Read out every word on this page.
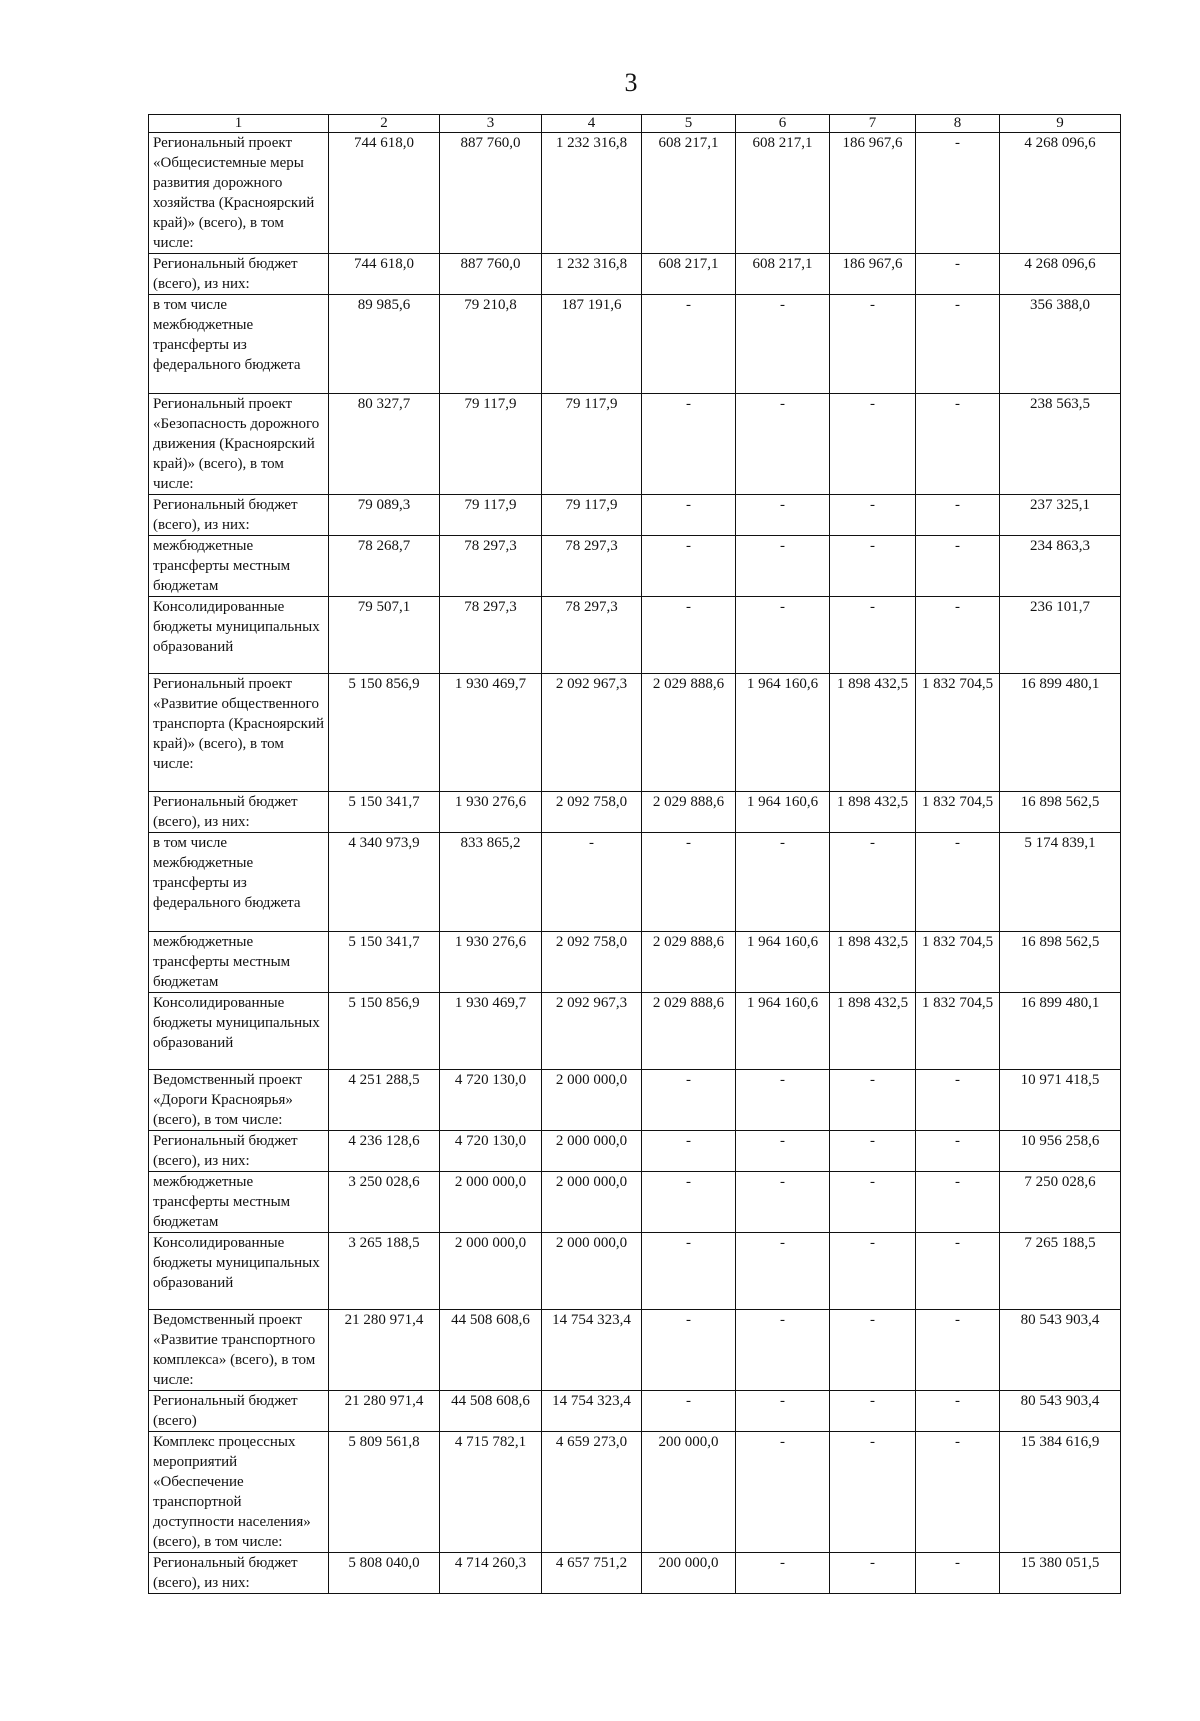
3
1	2	3	4	5	6	7	8	9
Региональный проект «Общесистемные меры развития дорожного хозяйства (Красноярский край)» (всего), в том числе:	744 618,0	887 760,0	1 232 316,8	608 217,1	608 217,1	186 967,6	-	4 268 096,6
Региональный бюджет (всего), из них:	744 618,0	887 760,0	1 232 316,8	608 217,1	608 217,1	186 967,6	-	4 268 096,6
в том числе межбюджетные трансферты из федерального бюджета	89 985,6	79 210,8	187 191,6	-	-	-	-	356 388,0
Региональный проект «Безопасность дорожного движения (Красноярский край)» (всего), в том числе:	80 327,7	79 117,9	79 117,9	-	-	-	-	238 563,5
Региональный бюджет (всего), из них:	79 089,3	79 117,9	79 117,9	-	-	-	-	237 325,1
межбюджетные трансферты местным бюджетам	78 268,7	78 297,3	78 297,3	-	-	-	-	234 863,3
Консолидированные бюджеты муниципальных образований	79 507,1	78 297,3	78 297,3	-	-	-	-	236 101,7
Региональный проект «Развитие общественного транспорта (Красноярский край)» (всего), в том числе:	5 150 856,9	1 930 469,7	2 092 967,3	2 029 888,6	1 964 160,6	1 898 432,5	1 832 704,5	16 899 480,1
Региональный бюджет (всего), из них:	5 150 341,7	1 930 276,6	2 092 758,0	2 029 888,6	1 964 160,6	1 898 432,5	1 832 704,5	16 898 562,5
в том числе межбюджетные трансферты из федерального бюджета	4 340 973,9	833 865,2	-	-	-	-	-	5 174 839,1
межбюджетные трансферты местным бюджетам	5 150 341,7	1 930 276,6	2 092 758,0	2 029 888,6	1 964 160,6	1 898 432,5	1 832 704,5	16 898 562,5
Консолидированные бюджеты муниципальных образований	5 150 856,9	1 930 469,7	2 092 967,3	2 029 888,6	1 964 160,6	1 898 432,5	1 832 704,5	16 899 480,1
Ведомственный проект «Дороги Красноярья» (всего), в том числе:	4 251 288,5	4 720 130,0	2 000 000,0	-	-	-	-	10 971 418,5
Региональный бюджет (всего), из них:	4 236 128,6	4 720 130,0	2 000 000,0	-	-	-	-	10 956 258,6
межбюджетные трансферты местным бюджетам	3 250 028,6	2 000 000,0	2 000 000,0	-	-	-	-	7 250 028,6
Консолидированные бюджеты муниципальных образований	3 265 188,5	2 000 000,0	2 000 000,0	-	-	-	-	7 265 188,5
Ведомственный проект «Развитие транспортного комплекса» (всего), в том числе:	21 280 971,4	44 508 608,6	14 754 323,4	-	-	-	-	80 543 903,4
Региональный бюджет (всего)	21 280 971,4	44 508 608,6	14 754 323,4	-	-	-	-	80 543 903,4
Комплекс процессных мероприятий «Обеспечение транспортной доступности населения» (всего), в том числе:	5 809 561,8	4 715 782,1	4 659 273,0	200 000,0	-	-	-	15 384 616,9
Региональный бюджет (всего), из них:	5 808 040,0	4 714 260,3	4 657 751,2	200 000,0	-	-	-	15 380 051,5
